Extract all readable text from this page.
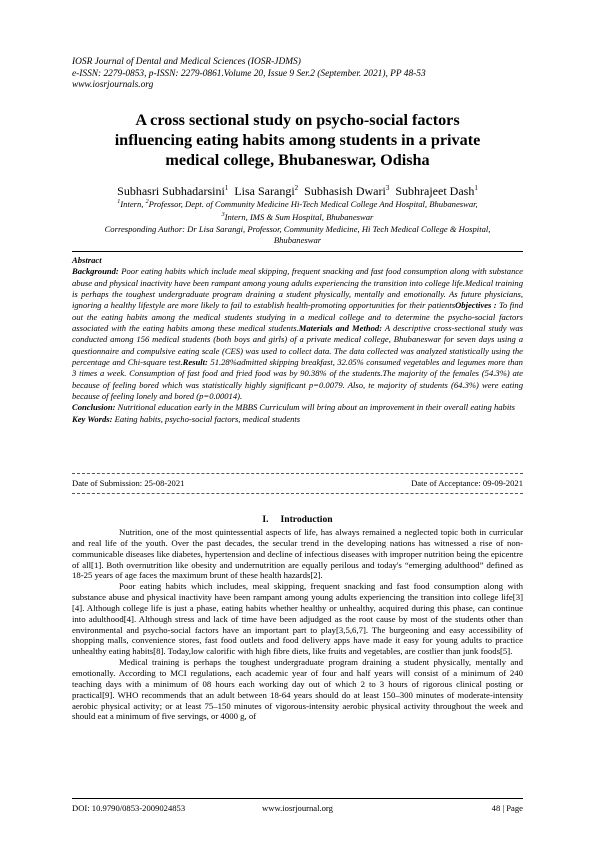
IOSR Journal of Dental and Medical Sciences (IOSR-JDMS)
e-ISSN: 2279-0853, p-ISSN: 2279-0861.Volume 20, Issue 9 Ser.2 (September. 2021), PP 48-53
www.iosrjournals.org
A cross sectional study on psycho-social factors
influencing eating habits among students in a private
medical college, Bhubaneswar, Odisha
Subhasri Subhadarsini$^1$ Lisa Sarangi$^2$ Subhasish Dwari$^3$ Subhrajeet Dash$^1$
$^1$Intern, $^2$Professor, Dept. of Community Medicine Hi-Tech Medical College And Hospital, Bhubaneswar,
$^3$Intern, IMS & Sum Hospital, Bhubaneswar
Corresponding Author: Dr Lisa Sarangi, Professor, Community Medicine, Hi Tech Medical College & Hospital,
Bhubaneswar

Abstract

Background: Poor eating habits which include meal skipping, frequent snacking and fast food consumption along with substance abuse and physical inactivity have been rampant among young adults experiencing the transition into college life.Medical training is perhaps the toughest undergraduate program draining a student physically, mentally and emotionally. As future physicians, ignoring a healthy lifestyle are more likely to fail to establish health-promoting opportunities for their patientsObjectives : To find out the eating habits among the medical students studying in a medical college and to determine the psycho-social factors associated with the eating habits among these medical students.Materials and Method: A descriptive cross-sectional study was conducted among 156 medical students (both boys and girls) of a private medical college, Bhubaneswar for seven days using a questionnaire and compulsive eating scale (CES) was used to collect data. The data collected was analyzed statistically using the percentage and Chi-square test.Result: 51.28%admitted skipping breakfast, 32.05% consumed vegetables and legumes more than 3 times a week. Consumption of fast food and fried food was by 90.38% of the students.The majority of the females (54.3%) ate because of feeling bored which was statistically highly significant p=0.0079. Also, te majority of students (64.3%) were eating because of feeling lonely and bored (p=0.00014).

Conclusion: Nutritional education early in the MBBS Curriculum will bring about an improvement in their overall eating habits

Key Words: Eating habits, psycho-social factors, medical students

Date of Submission: 25-08-2021	Date of Acceptance: 09-09-2021
I. Introduction

Nutrition, one of the most quintessential aspects of life, has always remained a neglected topic both in curricular and real life of the youth. Over the past decades, the secular trend in the developing nations has witnessed a rise of non-communicable diseases like diabetes, hypertension and decline of infectious diseases with improper nutrition being the epicentre of all[1]. Both overnutrition like obesity and undernutrition are equally perilous and today's “emerging adulthood” defined as 18-25 years of age faces the maximum brunt of these health hazards[2].

Poor eating habits which includes, meal skipping, frequent snacking and fast food consumption along with substance abuse and physical inactivity have been rampant among young adults experiencing the transition into college life[3][4]. Although college life is just a phase, eating habits whether healthy or unhealthy, acquired during this phase, can continue into adulthood[4]. Although stress and lack of time have been adjudged as the root cause by most of the students other than environmental and psycho-social factors have an important part to play[3,5,6,7]. The burgeoning and easy accessibility of shopping malls, convenience stores, fast food outlets and food delivery apps have made it easy for young adults to practice unhealthy eating habits[8]. Today,low calorific with high fibre diets, like fruits and vegetables, are costlier than junk foods[5].

Medical training is perhaps the toughest undergraduate program draining a student physically, mentally and emotionally. According to MCI regulations, each academic year of four and half years will consist of a minimum of 240 teaching days with a minimum of 08 hours each working day out of which 2 to 3 hours of rigorous clinical posting or practical[9]. WHO recommends that an adult between 18-64 years should do at least 150–300 minutes of moderate-intensity aerobic physical activity; or at least 75–150 minutes of vigorous-intensity aerobic physical activity throughout the week and should eat a minimum of five servings, or 4000 g, of

DOI: 10.9790/0853-2009024853	www.iosrjournal.org	48 | Page
